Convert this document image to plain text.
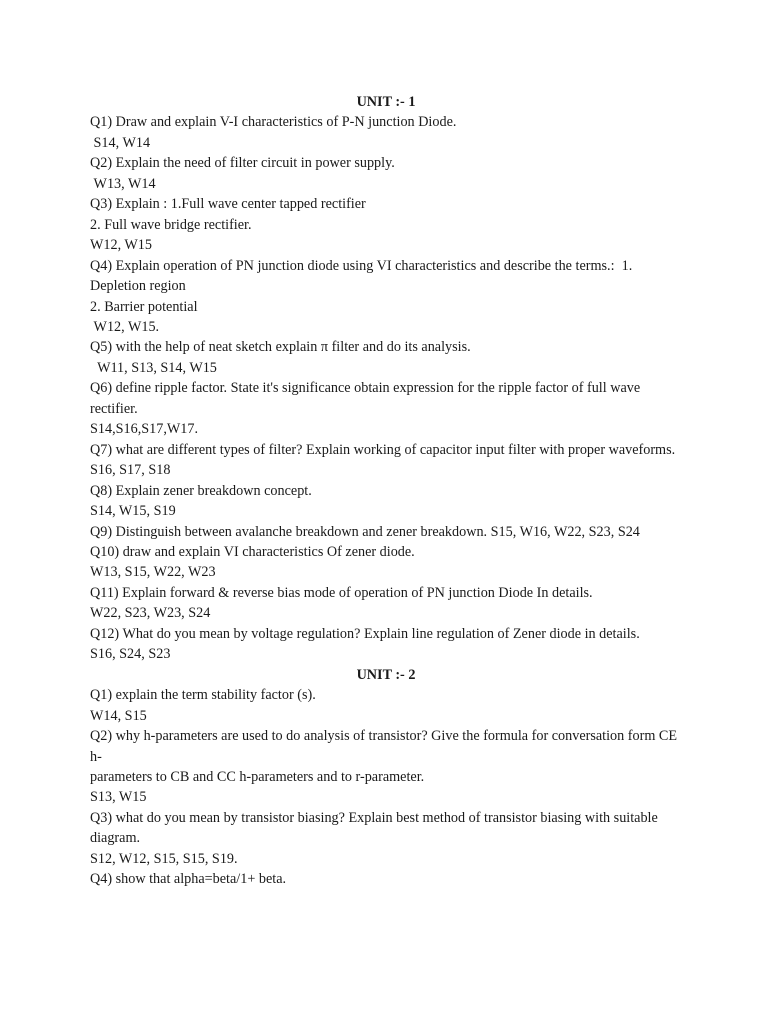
UNIT :- 1
Q1) Draw and explain V-I characteristics of P-N junction Diode.
S14, W14
Q2) Explain the need of filter circuit in power supply.
W13, W14
Q3) Explain : 1.Full wave center tapped rectifier
2. Full wave bridge rectifier.
W12, W15
Q4) Explain operation of PN junction diode using VI characteristics and describe the terms.:  1. Depletion region
2. Barrier potential
W12, W15.
Q5) with the help of neat sketch explain π filter and do its analysis.
W11, S13, S14, W15
Q6) define ripple factor. State it's significance obtain expression for the ripple factor of full wave rectifier.
S14,S16,S17,W17.
Q7) what are different types of filter? Explain working of capacitor input filter with proper waveforms.
S16, S17, S18
Q8) Explain zener breakdown concept.
S14, W15, S19
Q9) Distinguish between avalanche breakdown and zener breakdown. S15, W16, W22, S23, S24
Q10) draw and explain VI characteristics Of zener diode.
W13, S15, W22, W23
Q11) Explain forward & reverse bias mode of operation of PN junction Diode In details.
W22, S23, W23, S24
Q12) What do you mean by voltage regulation? Explain line regulation of Zener diode in details.
S16, S24, S23
UNIT :- 2
Q1) explain the term stability factor (s).
W14, S15
Q2) why h-parameters are used to do analysis of transistor? Give the formula for conversation form CE h-
parameters to CB and CC h-parameters and to r-parameter.
S13, W15
Q3) what do you mean by transistor biasing? Explain best method of transistor biasing with suitable diagram.
S12, W12, S15, S15, S19.
Q4) show that alpha=beta/1+ beta.
